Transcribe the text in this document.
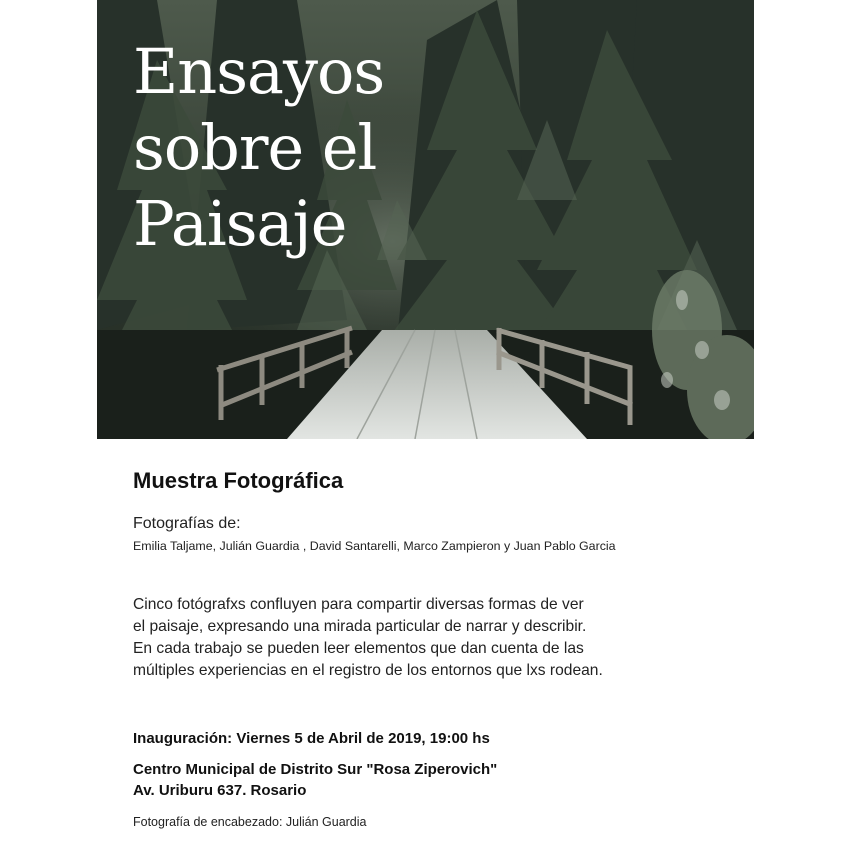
Ensayos
sobre el
Paisaje
Muestra Fotográfica
Fotografías de:
Emilia Taljame, Julián Guardia , David Santarelli, Marco Zampieron y Juan Pablo Garcia
Cinco fotógrafxs confluyen para compartir diversas formas de ver
el paisaje, expresando una mirada particular de narrar y describir.
En cada trabajo se pueden leer elementos que dan cuenta de las
múltiples experiencias en el registro de los entornos que lxs rodean.
Inauguración: Viernes 5 de Abril de 2019, 19:00 hs
Centro Municipal de Distrito Sur "Rosa Ziperovich"
Av. Uriburu 637. Rosario
Fotografía de encabezado: Julián Guardia
